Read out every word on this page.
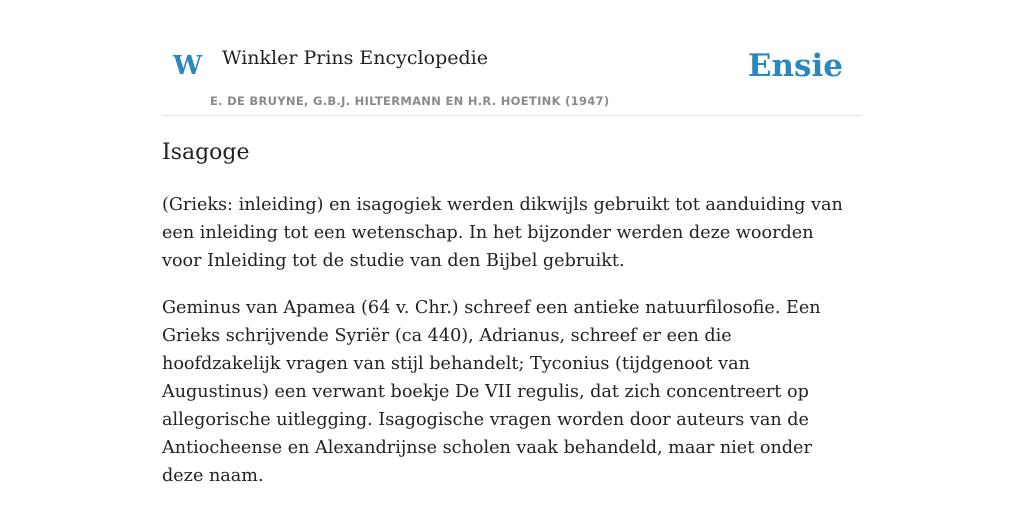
W Winkler Prins Encyclopedie
E. DE BRUYNE, G.B.J. HILTERMANN EN H.R. HOETINK (1947)
Ensie
Isagoge

(Grieks: inleiding) en isagogiek werden dikwijls gebruikt tot aanduiding van een inleiding tot een wetenschap. In het bijzonder werden deze woorden voor Inleiding tot de studie van den Bijbel gebruikt.

Geminus van Apamea (64 v. Chr.) schreef een antieke natuurfilosofie. Een Grieks schrijvende Syriër (ca 440), Adrianus, schreef er een die hoofdzakelijk vragen van stijl behandelt; Tyconius (tijdgenoot van Augustinus) een verwant boekje De VII regulis, dat zich concentreert op allegorische uitlegging. Isagogische vragen worden door auteurs van de Antiocheense en Alexandrijnse scholen vaak behandeld, maar niet onder deze naam.
